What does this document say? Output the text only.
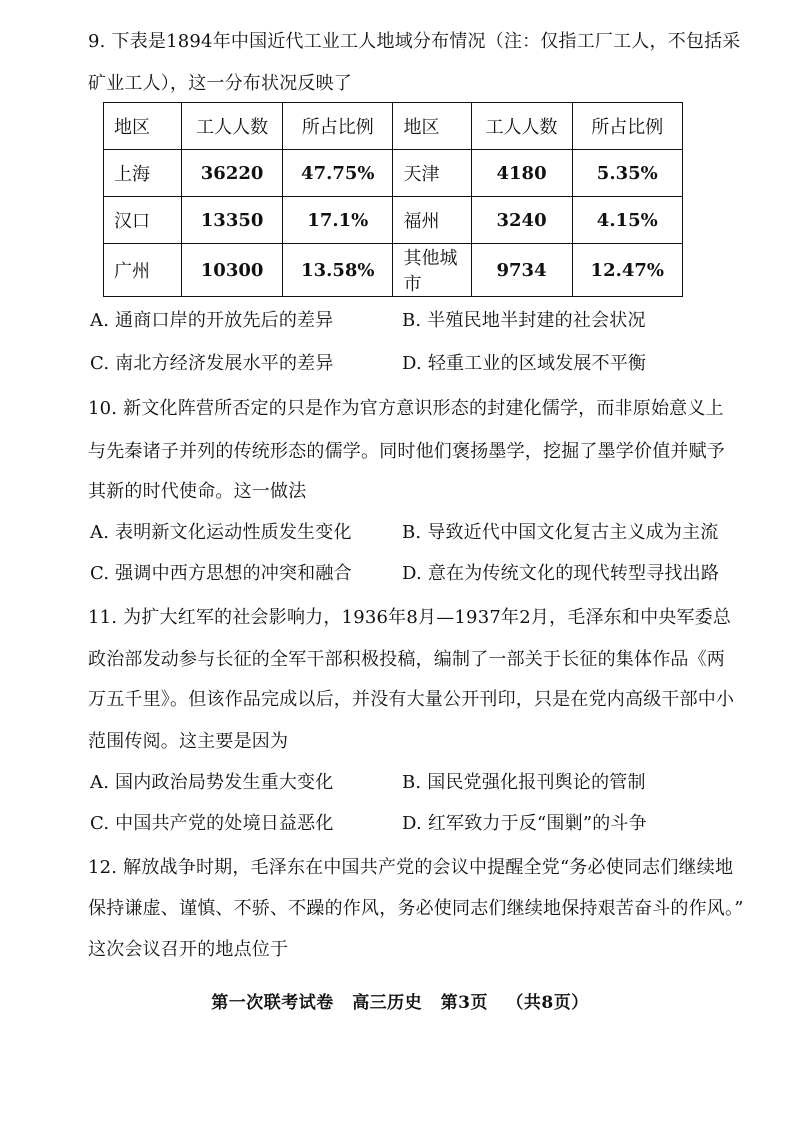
9. 下表是1894年中国近代工业工人地域分布情况（注：仅指工厂工人，不包括采
矿业工人），这一分布状况反映了
地区	工人人数	所占比例	地区	工人人数	所占比例
上海	36220	47.75%	天津	4180	5.35%
汉口	13350	17.1%	福州	3240	4.15%
广州	10300	13.58%	其他城市	9734	12.47%
A. 通商口岸的开放先后的差异	B. 半殖民地半封建的社会状况
C. 南北方经济发展水平的差异	D. 轻重工业的区域发展不平衡
10. 新文化阵营所否定的只是作为官方意识形态的封建化儒学，而非原始意义上
与先秦诸子并列的传统形态的儒学。同时他们褒扬墨学，挖掘了墨学价值并赋予
其新的时代使命。这一做法
A. 表明新文化运动性质发生变化	B. 导致近代中国文化复古主义成为主流
C. 强调中西方思想的冲突和融合	D. 意在为传统文化的现代转型寻找出路
11. 为扩大红军的社会影响力，1936年8月—1937年2月，毛泽东和中央军委总
政治部发动参与长征的全军干部积极投稿，编制了一部关于长征的集体作品《两
万五千里》。但该作品完成以后，并没有大量公开刊印，只是在党内高级干部中小
范围传阅。这主要是因为
A. 国内政治局势发生重大变化	B. 国民党强化报刊舆论的管制
C. 中国共产党的处境日益恶化	D. 红军致力于反“围剿”的斗争
12. 解放战争时期，毛泽东在中国共产党的会议中提醒全党“务必使同志们继续地
保持谦虚、谨慎、不骄、不躁的作风，务必使同志们继续地保持艰苦奋斗的作风。”
这次会议召开的地点位于
第一次联考试卷 高三历史 第3页 （共8页）
